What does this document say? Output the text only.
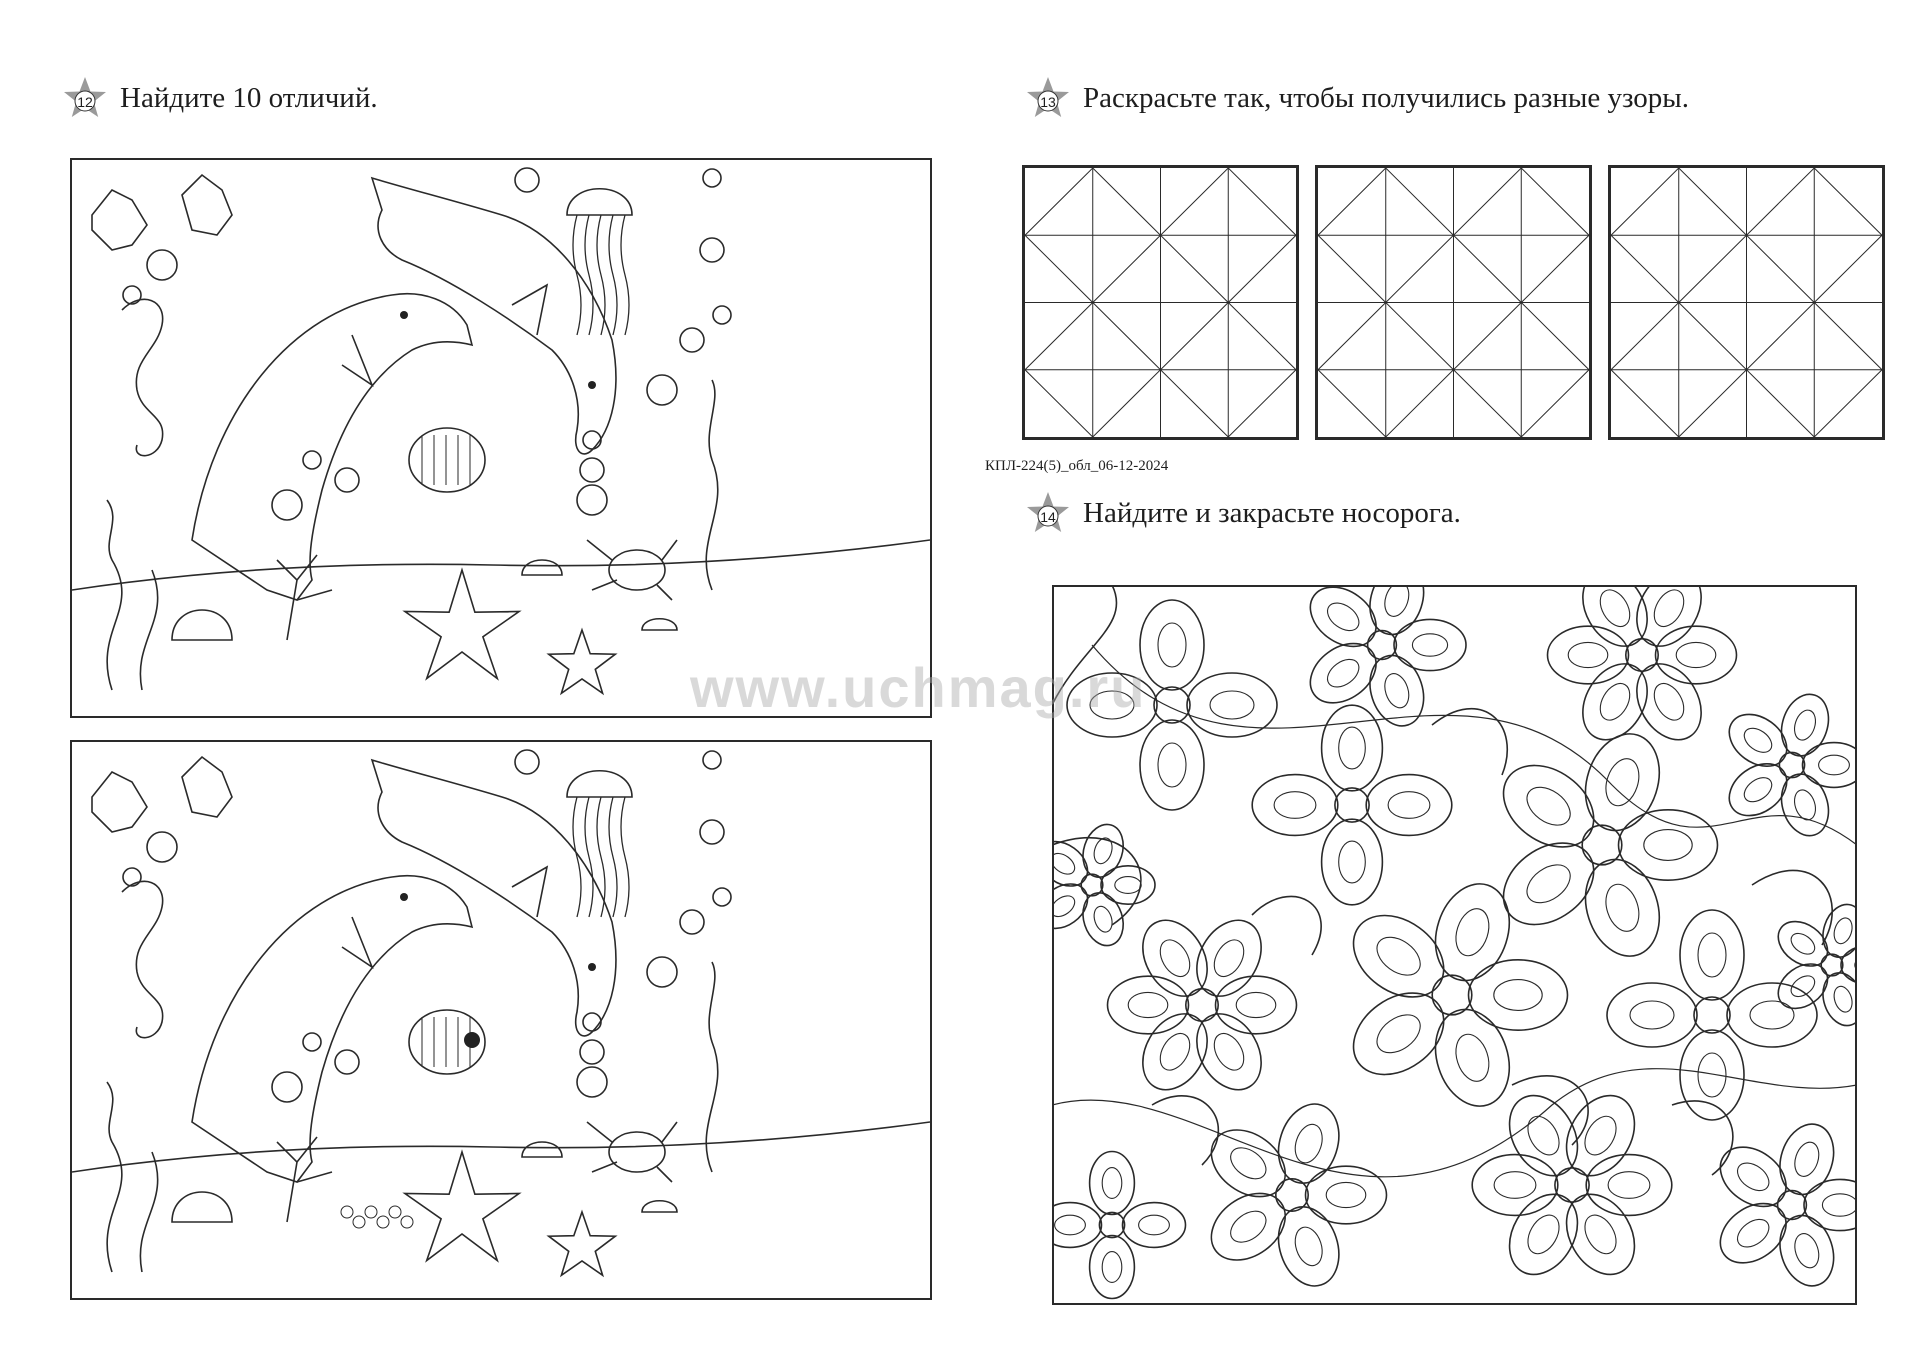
12 Найдите 10 отличий.	13 Раскрасьте так, чтобы получились разные узоры.
14 Найдите и закрасьте носорога.
КПЛ-224(5)_обл_06-12-2024
www.uchmag.ru
